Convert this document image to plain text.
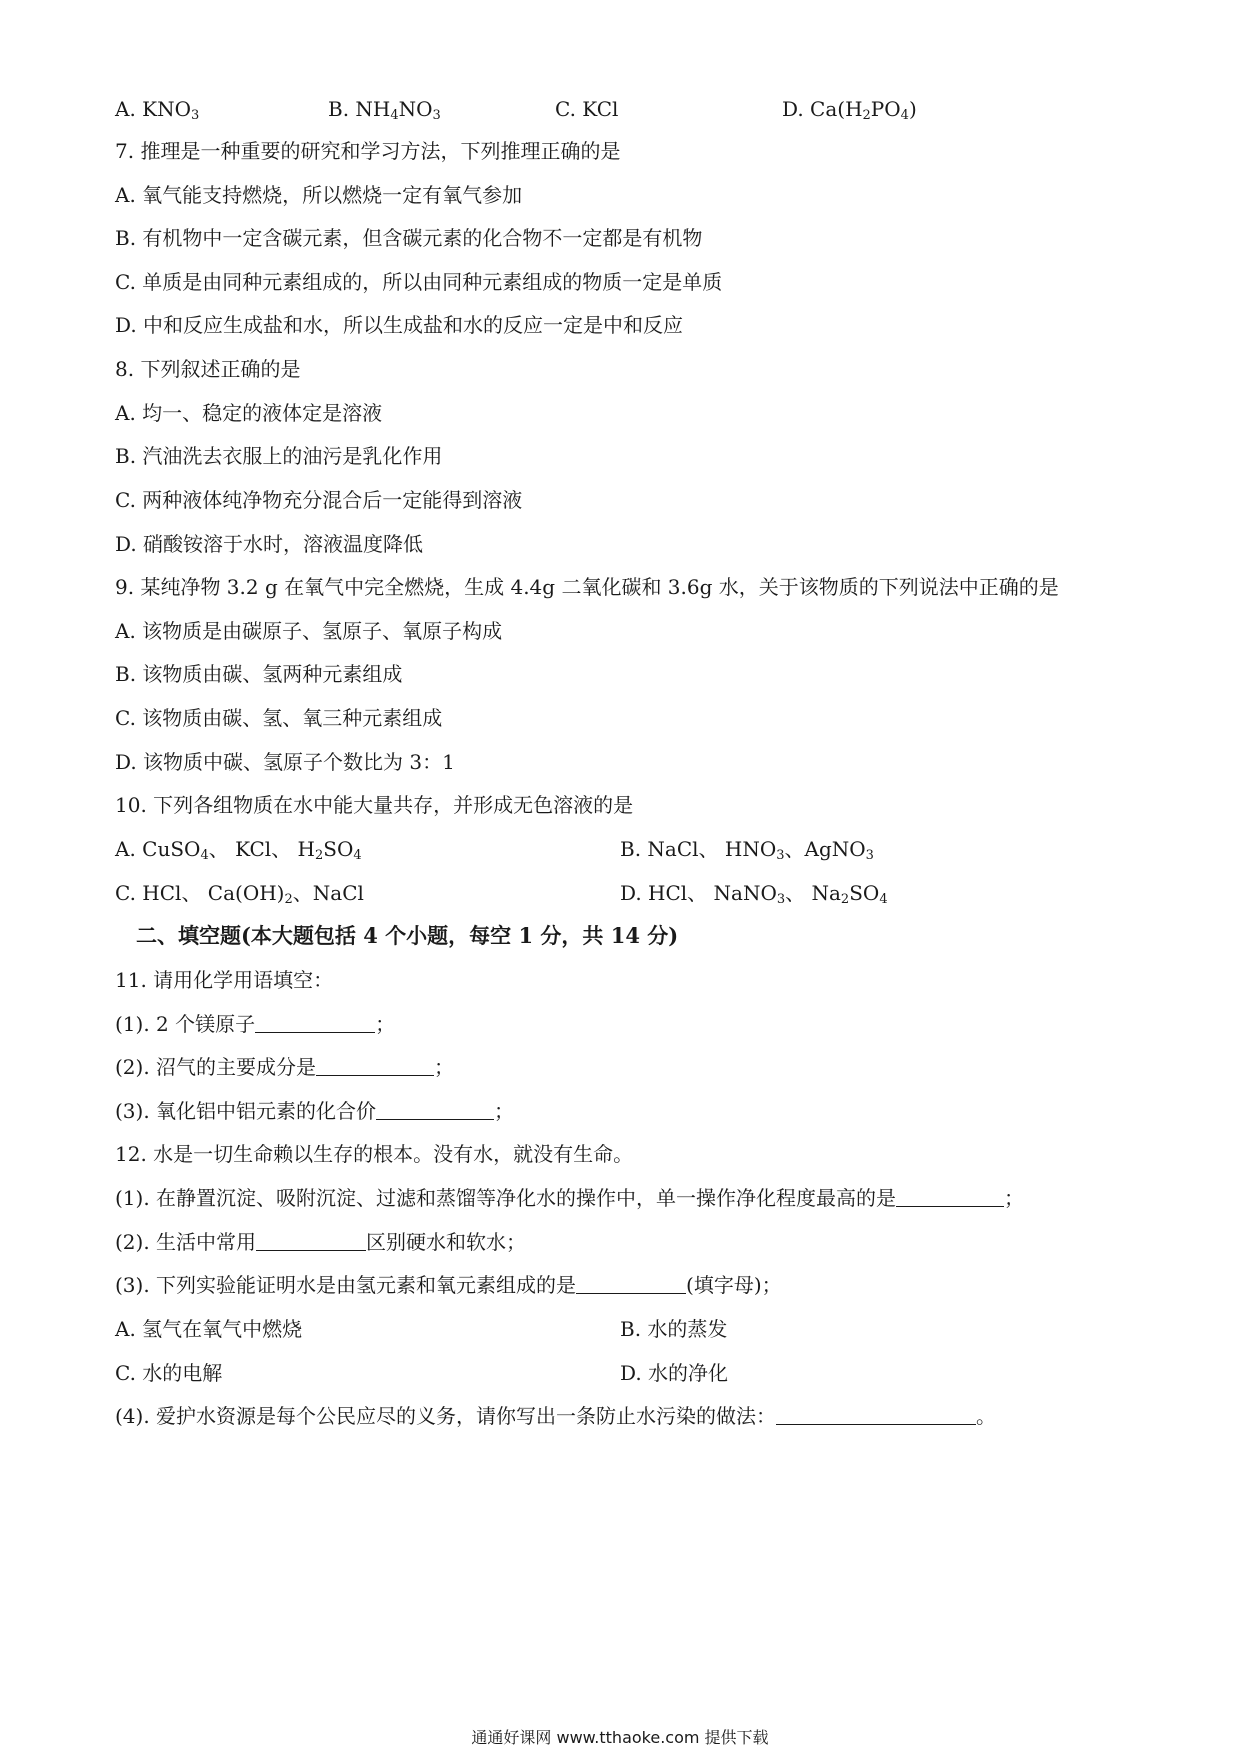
A. $KNO_3$	B. $NH_4NO_3$	C. KCl	D. $Ca(H_2PO_4)$
7. 推理是一种重要的研究和学习方法，下列推理正确的是
A. 氧气能支持燃烧，所以燃烧一定有氧气参加
B. 有机物中一定含碳元素，但含碳元素的化合物不一定都是有机物
C. 单质是由同种元素组成的，所以由同种元素组成的物质一定是单质
D. 中和反应生成盐和水，所以生成盐和水的反应一定是中和反应
8. 下列叙述正确的是
A. 均一、稳定的液体定是溶液
B. 汽油洗去衣服上的油污是乳化作用
C. 两种液体纯净物充分混合后一定能得到溶液
D. 硝酸铵溶于水时，溶液温度降低
9. 某纯净物 3.2 g 在氧气中完全燃烧，生成 4.4g 二氧化碳和 3.6g 水，关于该物质的下列说法中正确的是
A. 该物质是由碳原子、氢原子、氧原子构成
B. 该物质由碳、氢两种元素组成
C. 该物质由碳、氢、氧三种元素组成
D. 该物质中碳、氢原子个数比为 3：1
10. 下列各组物质在水中能大量共存，并形成无色溶液的是
A. CuSO$_4$、 KCl、 $H_2SO_4$	B. NaCl、 $HNO_3$、AgNO$_3$
C. HCl、 $Ca(OH)_2$、NaCl	D. HCl、 NaNO$_3$、 $Na_2SO_4$
二、填空题(本大题包括 4 个小题，每空 1 分，共 14 分)
11. 请用化学用语填空：
(1). 2 个镁原子	；
(2). 沼气的主要成分是	；
(3). 氧化铝中铝元素的化合价	；
12. 水是一切生命赖以生存的根本。没有水，就没有生命。
(1). 在静置沉淀、吸附沉淀、过滤和蒸馏等净化水的操作中，单一操作净化程度最高的是	；
(2). 生活中常用	区别硬水和软水；
(3). 下列实验能证明水是由氢元素和氧元素组成的是	(填字母)；
A. 氢气在氧气中燃烧	B. 水的蒸发
C. 水的电解	D. 水的净化
(4). 爱护水资源是每个公民应尽的义务，请你写出一条防止水污染的做法：	。
通通好课网 www.tthaoke.com 提供下载
